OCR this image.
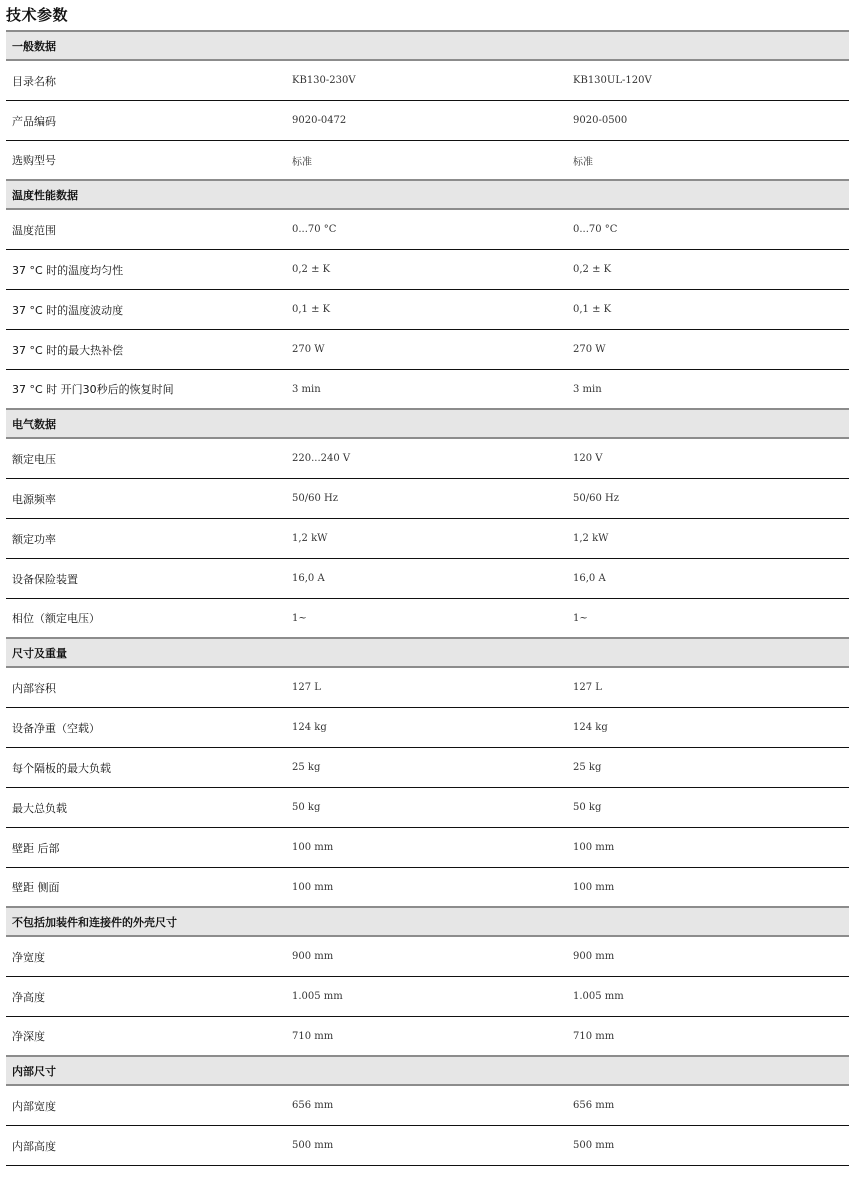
技术参数
一般数据
目录名称	KB130-230V	KB130UL-120V
产品编码	9020-0472	9020-0500
选购型号	标准	标准
温度性能数据
温度范围	0...70 °C	0...70 °C
37 °C 时的温度均匀性	0,2 ± K	0,2 ± K
37 °C 时的温度波动度	0,1 ± K	0,1 ± K
37 °C 时的最大热补偿	270 W	270 W
37 °C 时 开门30秒后的恢复时间	3 min	3 min
电气数据
额定电压	220...240 V	120 V
电源频率	50/60 Hz	50/60 Hz
额定功率	1,2 kW	1,2 kW
设备保险装置	16,0 A	16,0 A
相位（额定电压）	1~	1~
尺寸及重量
内部容积	127 L	127 L
设备净重（空载）	124 kg	124 kg
每个隔板的最大负载	25 kg	25 kg
最大总负载	50 kg	50 kg
壁距 后部	100 mm	100 mm
壁距 侧面	100 mm	100 mm
不包括加装件和连接件的外壳尺寸
净宽度	900 mm	900 mm
净高度	1.005 mm	1.005 mm
净深度	710 mm	710 mm
内部尺寸
内部宽度	656 mm	656 mm
内部高度	500 mm	500 mm
